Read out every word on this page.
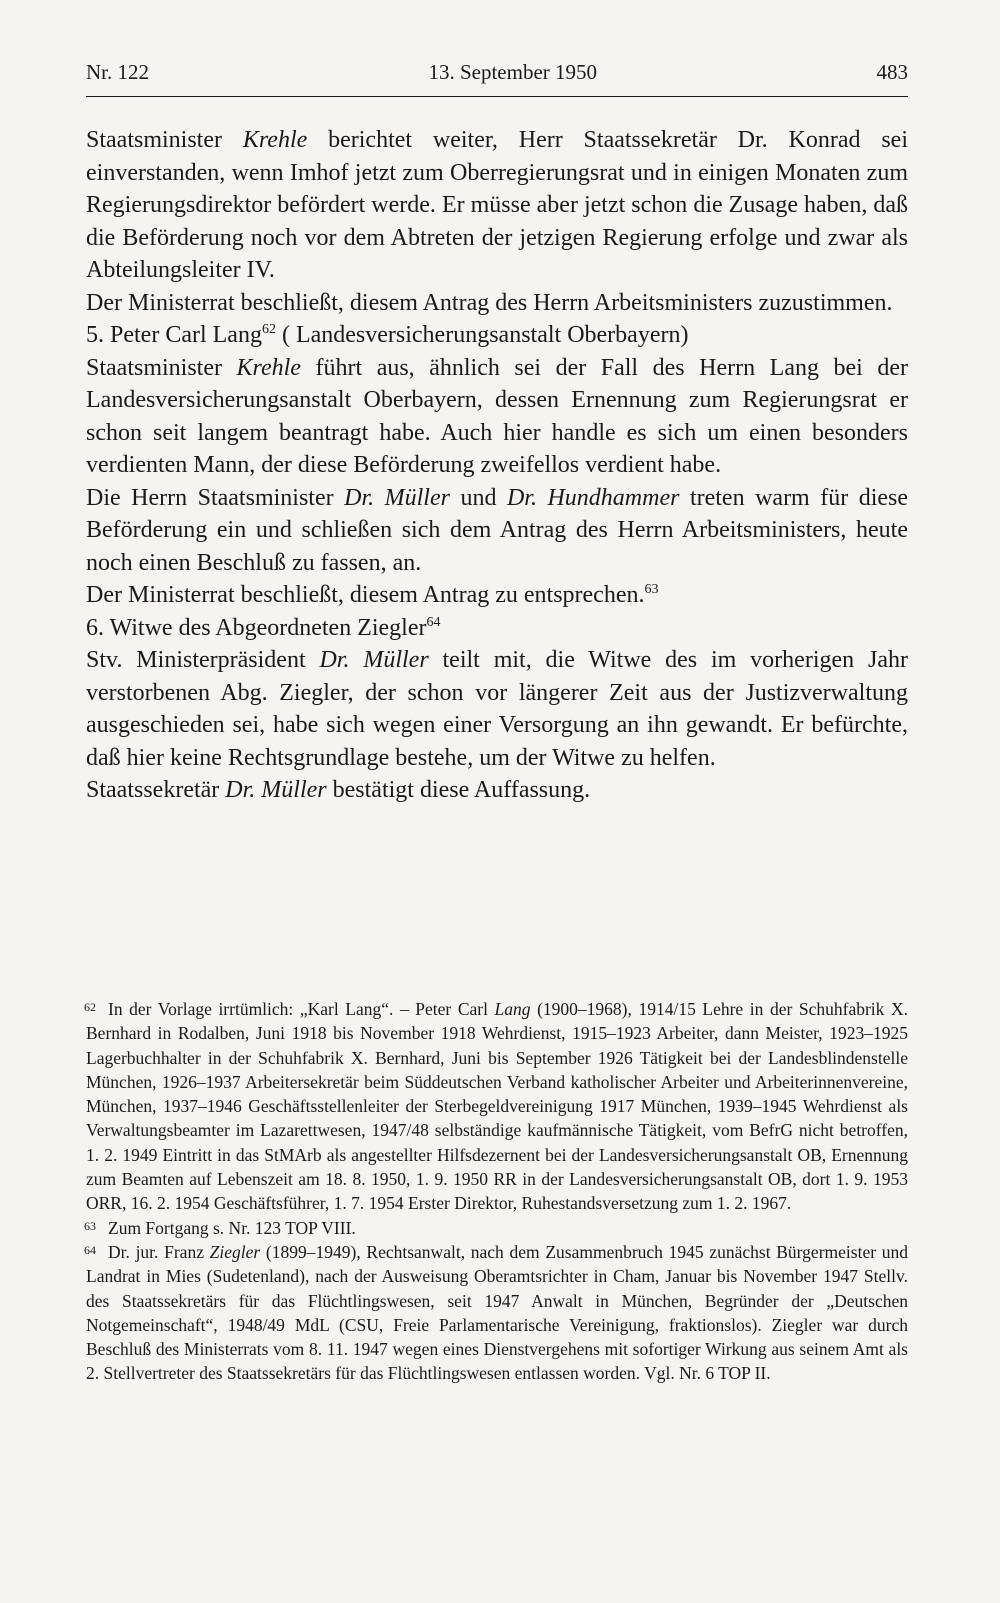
Nr. 122	13. September 1950	483

Staatsminister Krehle berichtet weiter, Herr Staatssekretär Dr. Konrad sei einverstanden, wenn Imhof jetzt zum Oberregierungsrat und in einigen Monaten zum Regierungsdirektor befördert werde. Er müsse aber jetzt schon die Zusage haben, daß die Beförderung noch vor dem Abtreten der jetzigen Regierung erfolge und zwar als Abteilungsleiter IV.

Der Ministerrat beschließt, diesem Antrag des Herrn Arbeitsministers zuzustimmen.

5. Peter Carl Lang$^{62}$ ( Landesversicherungsanstalt Oberbayern)

Staatsminister Krehle führt aus, ähnlich sei der Fall des Herrn Lang bei der Landesversicherungsanstalt Oberbayern, dessen Ernennung zum Regierungsrat er schon seit langem beantragt habe. Auch hier handle es sich um einen besonders verdienten Mann, der diese Beförderung zweifellos verdient habe.

Die Herrn Staatsminister Dr. Müller und Dr. Hundhammer treten warm für diese Beförderung ein und schließen sich dem Antrag des Herrn Arbeitsministers, heute noch einen Beschluß zu fassen, an.

Der Ministerrat beschließt, diesem Antrag zu entsprechen.$^{63}$

6. Witwe des Abgeordneten Ziegler$^{64}$

Stv. Ministerpräsident Dr. Müller teilt mit, die Witwe des im vorherigen Jahr verstorbenen Abg. Ziegler, der schon vor längerer Zeit aus der Justizverwaltung ausgeschieden sei, habe sich wegen einer Versorgung an ihn gewandt. Er befürchte, daß hier keine Rechtsgrundlage bestehe, um der Witwe zu helfen.

Staatssekretär Dr. Müller bestätigt diese Auffassung.

62 In der Vorlage irrtümlich: „Karl Lang“. – Peter Carl Lang (1900–1968), 1914/15 Lehre in der Schuhfabrik X. Bernhard in Rodalben, Juni 1918 bis November 1918 Wehrdienst, 1915–1923 Arbeiter, dann Meister, 1923–1925 Lagerbuchhalter in der Schuhfabrik X. Bernhard, Juni bis September 1926 Tätigkeit bei der Landesblindenstelle München, 1926–1937 Arbeitersekretär beim Süddeutschen Verband katholischer Arbeiter und Arbeiterinnenvereine, München, 1937–1946 Geschäftsstellenleiter der Sterbegeldvereinigung 1917 München, 1939–1945 Wehrdienst als Verwaltungsbeamter im Lazarettwesen, 1947/48 selbständige kaufmännische Tätigkeit, vom BefrG nicht betroffen, 1. 2. 1949 Eintritt in das StMArb als angestellter Hilfsdezernent bei der Landesversicherungsanstalt OB, Ernennung zum Beamten auf Lebenszeit am 18. 8. 1950, 1. 9. 1950 RR in der Landesversicherungsanstalt OB, dort 1. 9. 1953 ORR, 16. 2. 1954 Geschäftsführer, 1. 7. 1954 Erster Direktor, Ruhestandsversetzung zum 1. 2. 1967.
63 Zum Fortgang s. Nr. 123 TOP VIII.
64 Dr. jur. Franz Ziegler (1899–1949), Rechtsanwalt, nach dem Zusammenbruch 1945 zunächst Bürgermeister und Landrat in Mies (Sudetenland), nach der Ausweisung Oberamtsrichter in Cham, Januar bis November 1947 Stellv. des Staatssekretärs für das Flüchtlingswesen, seit 1947 Anwalt in München, Begründer der „Deutschen Notgemeinschaft“, 1948/49 MdL (CSU, Freie Parlamentarische Vereinigung, fraktionslos). Ziegler war durch Beschluß des Ministerrats vom 8. 11. 1947 wegen eines Dienstvergehens mit sofortiger Wirkung aus seinem Amt als 2. Stellvertreter des Staatssekretärs für das Flüchtlingswesen entlassen worden. Vgl. Nr. 6 TOP II.
